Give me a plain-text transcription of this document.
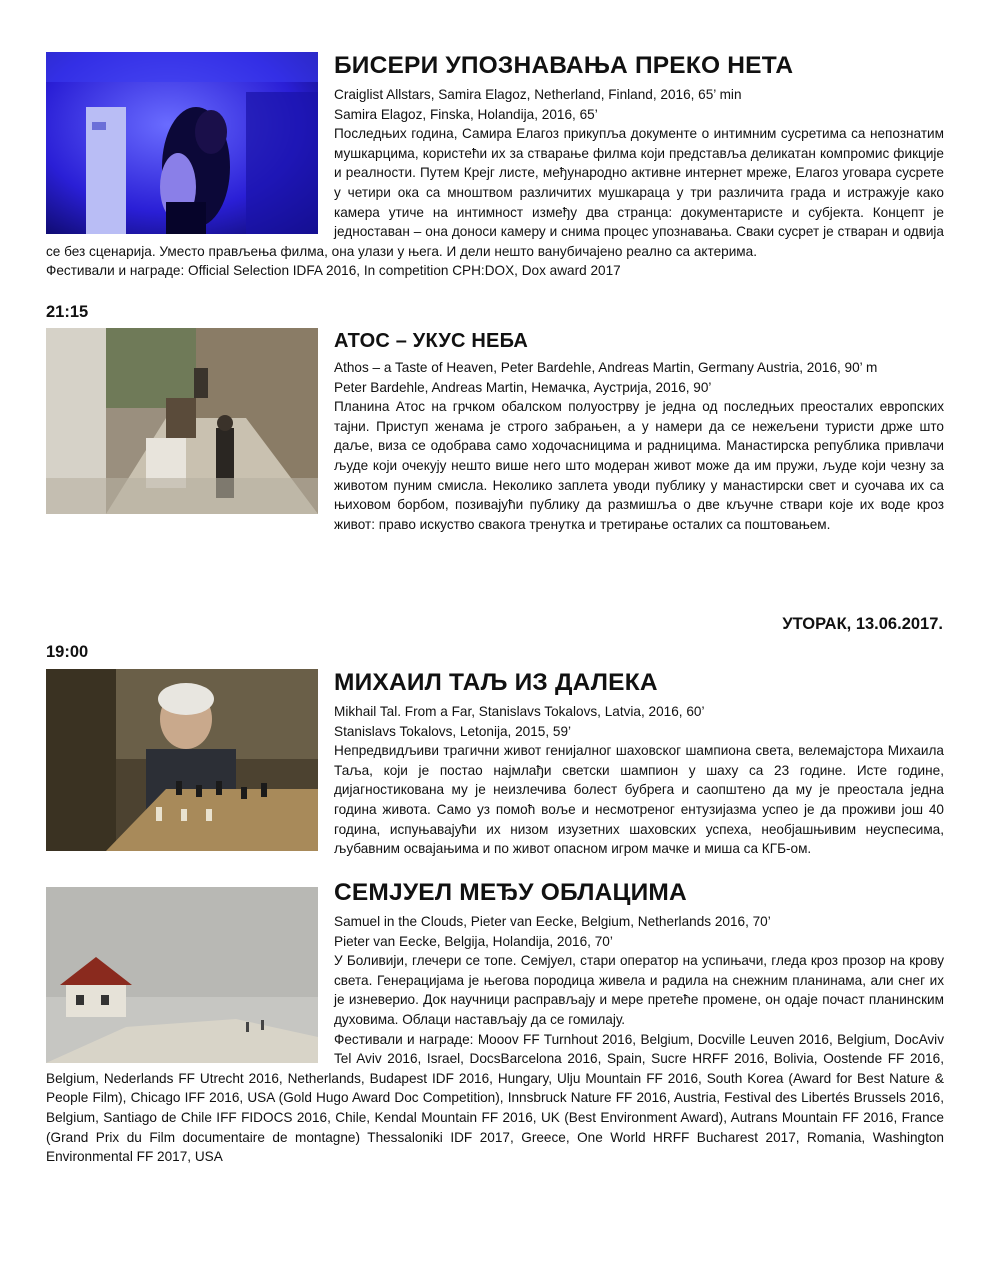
БИСЕРИ УПОЗНАВАЊА ПРЕКО НЕТА

Craiglist Allstars, Samira Elagoz, Netherland, Finland, 2016, 65’ min

Samira Elagoz, Finska, Holandija, 2016, 65’

Последњих година, Самира Елагоз прикупља документе о интимним сусретима са непознатим мушкарцима, користећи их за стварање филма који представља деликатан компромис фикције и реалности. Путем Крејг листе, међународно активне интернет мреже, Елагоз уговара сусрете у четири ока са мноштвом различитих мушкараца у три различита града и истражује како камера утиче на интимност између два странца: документаристе и субјекта. Концепт је једноставан – она доноси камеру и снима процес упознавања. Сваки сусрет је стваран и одвија се без сценарија. Уместо прављења филма, она улази у њега. И дели нешто ванубичајено реално са актерима.

Фестивали и награде: Official Selection IDFA 2016, In competition CPH:DOX, Dox award 2017

21:15
АТОС – УКУС НЕБА

Athos – a Taste of Heaven, Peter Bardehle, Andreas Martin, Germany Austria, 2016, 90’ m

Peter Bardehle, Andreas Martin, Немачка, Аустрија, 2016, 90’

Планина Атос на грчком обалском полуострву је једна од последњих преосталих европских тајни. Приступ женама је строго забрањен, а у намери да се нежељени туристи држе што даље, виза се одобрава само ходочасницима и радницима. Манастирска република привлачи људе који очекују нешто више него што модеран живот може да им пружи, људе који чезну за животом пуним смисла. Неколико заплета уводи публику у манастирски свет и суочава их са њиховом борбом, позивајући публику да размишља о две кључне ствари које их воде кроз живот: право искуство свакога тренутка и третирање осталих са поштовањем.

УТОРАК, 13.06.2017.
19:00
МИХАИЛ ТАЉ ИЗ ДАЛЕКА

Mikhail Tal. From a Far, Stanislavs Tokalovs, Latvia, 2016, 60’

Stanislavs Tokalovs, Letonija, 2015, 59’

Непредвидљиви трагични живот генијалног шаховског шампиона света, велемајстора Михаила Таља, који је постао најмлађи светски шампион у шаху са 23 године. Исте године, дијагностикована му је неизлечива болест бубрега и саопштено да му је преостала једна година живота. Само уз помоћ воље и несмотреног ентузијазма успео је да проживи још 40 година, испуњавајући их низом изузетних шаховских успеха, необјашњивим неуспесима, љубавним освајањима и по живот опасном игром мачке и миша са КГБ-ом.

СЕМЈУЕЛ МЕЂУ ОБЛАЦИМА

Samuel in the Clouds, Pieter van Eecke, Belgium, Netherlands 2016, 70’

Pieter van Eecke, Belgija, Holandija, 2016, 70’

У Боливији, глечери се топе. Семјуел, стари оператор на успињачи, гледа кроз прозор на крову света. Генерацијама је његова породица живела и радила на снежним планинама, али снег их је изневерио. Док научници расправљају и мере претеће промене, он одаје почаст планинским духовима. Облаци настављају да се гомилају.

Фестивали и награде: Mooov FF Turnhout 2016, Belgium, Docville Leuven 2016, Belgium, DocAviv Tel Aviv 2016, Israel, DocsBarcelona 2016, Spain, Sucre HRFF 2016, Bolivia, Oostende FF 2016, Belgium, Nederlands FF Utrecht 2016, Netherlands, Budapest IDF 2016, Hungary, Ulju Mountain FF 2016, South Korea (Award for Best Nature & People Film), Chicago IFF 2016, USA (Gold Hugo Award Doc Competition), Innsbruck Nature FF 2016, Austria, Festival des Libertés Brussels 2016, Belgium, Santiago de Chile IFF FIDOCS 2016, Chile, Kendal Mountain FF 2016, UK (Best Environment Award), Autrans Mountain FF 2016, France (Grand Prix du Film documentaire de montagne) Thessaloniki IDF 2017, Greece, One World HRFF Bucharest 2017, Romania, Washington Environmental FF 2017, USA
